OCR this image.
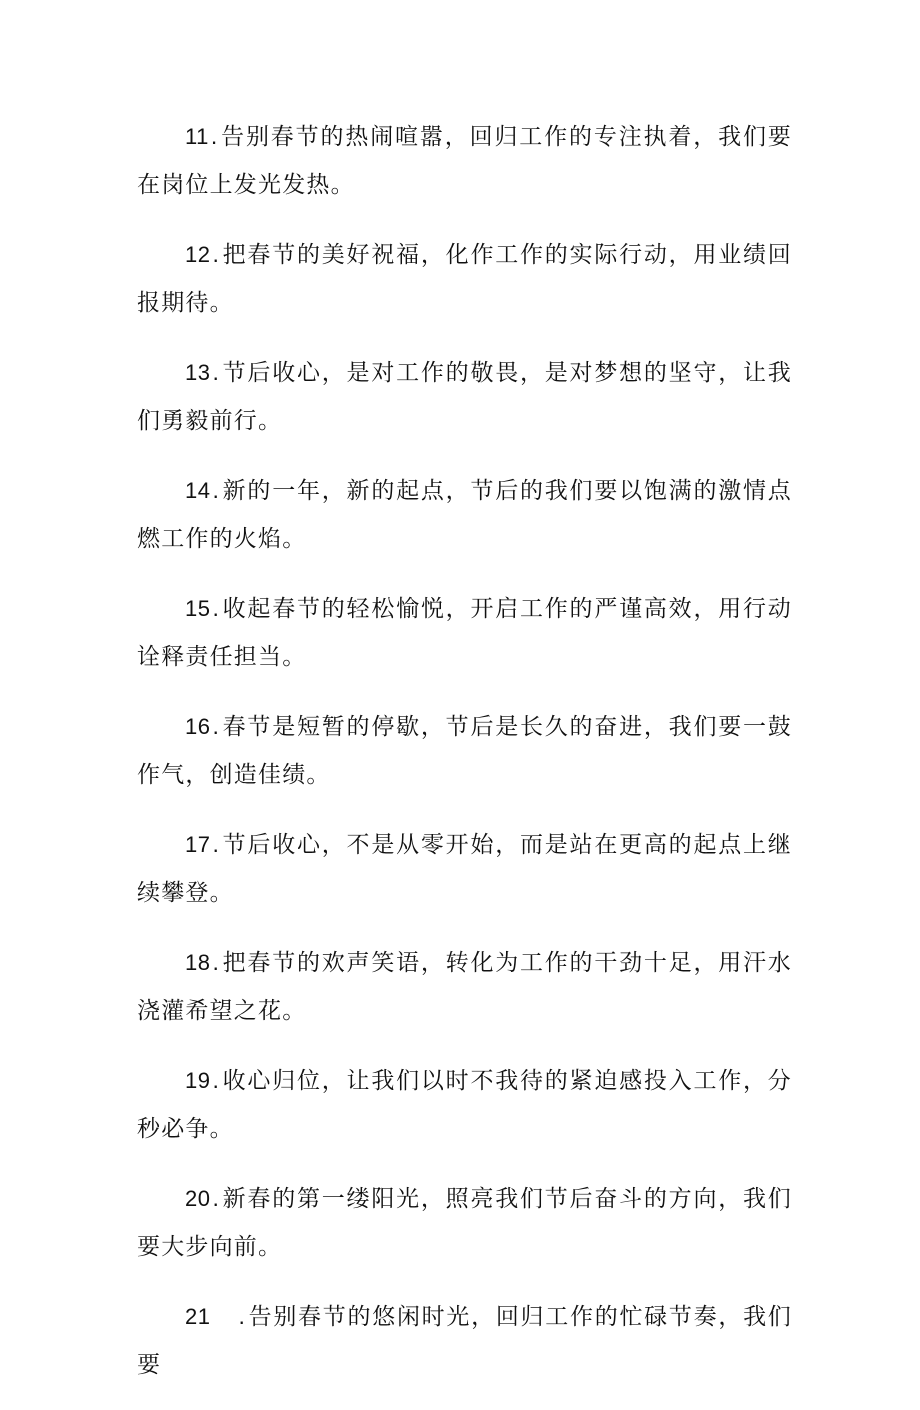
11.告别春节的热闹喧嚣，回归工作的专注执着，我们要在岗位上发光发热。

12.把春节的美好祝福，化作工作的实际行动，用业绩回报期待。

13.节后收心，是对工作的敬畏，是对梦想的坚守，让我们勇毅前行。

14.新的一年，新的起点，节后的我们要以饱满的激情点燃工作的火焰。

15.收起春节的轻松愉悦，开启工作的严谨高效，用行动诠释责任担当。

16.春节是短暂的停歇，节后是长久的奋进，我们要一鼓作气，创造佳绩。

17.节后收心，不是从零开始，而是站在更高的起点上继续攀登。

18.把春节的欢声笑语，转化为工作的干劲十足，用汗水浇灌希望之花。

19.收心归位，让我们以时不我待的紧迫感投入工作，分秒必争。

20.新春的第一缕阳光，照亮我们节后奋斗的方向，我们要大步向前。

21 .告别春节的悠闲时光，回归工作的忙碌节奏，我们要
